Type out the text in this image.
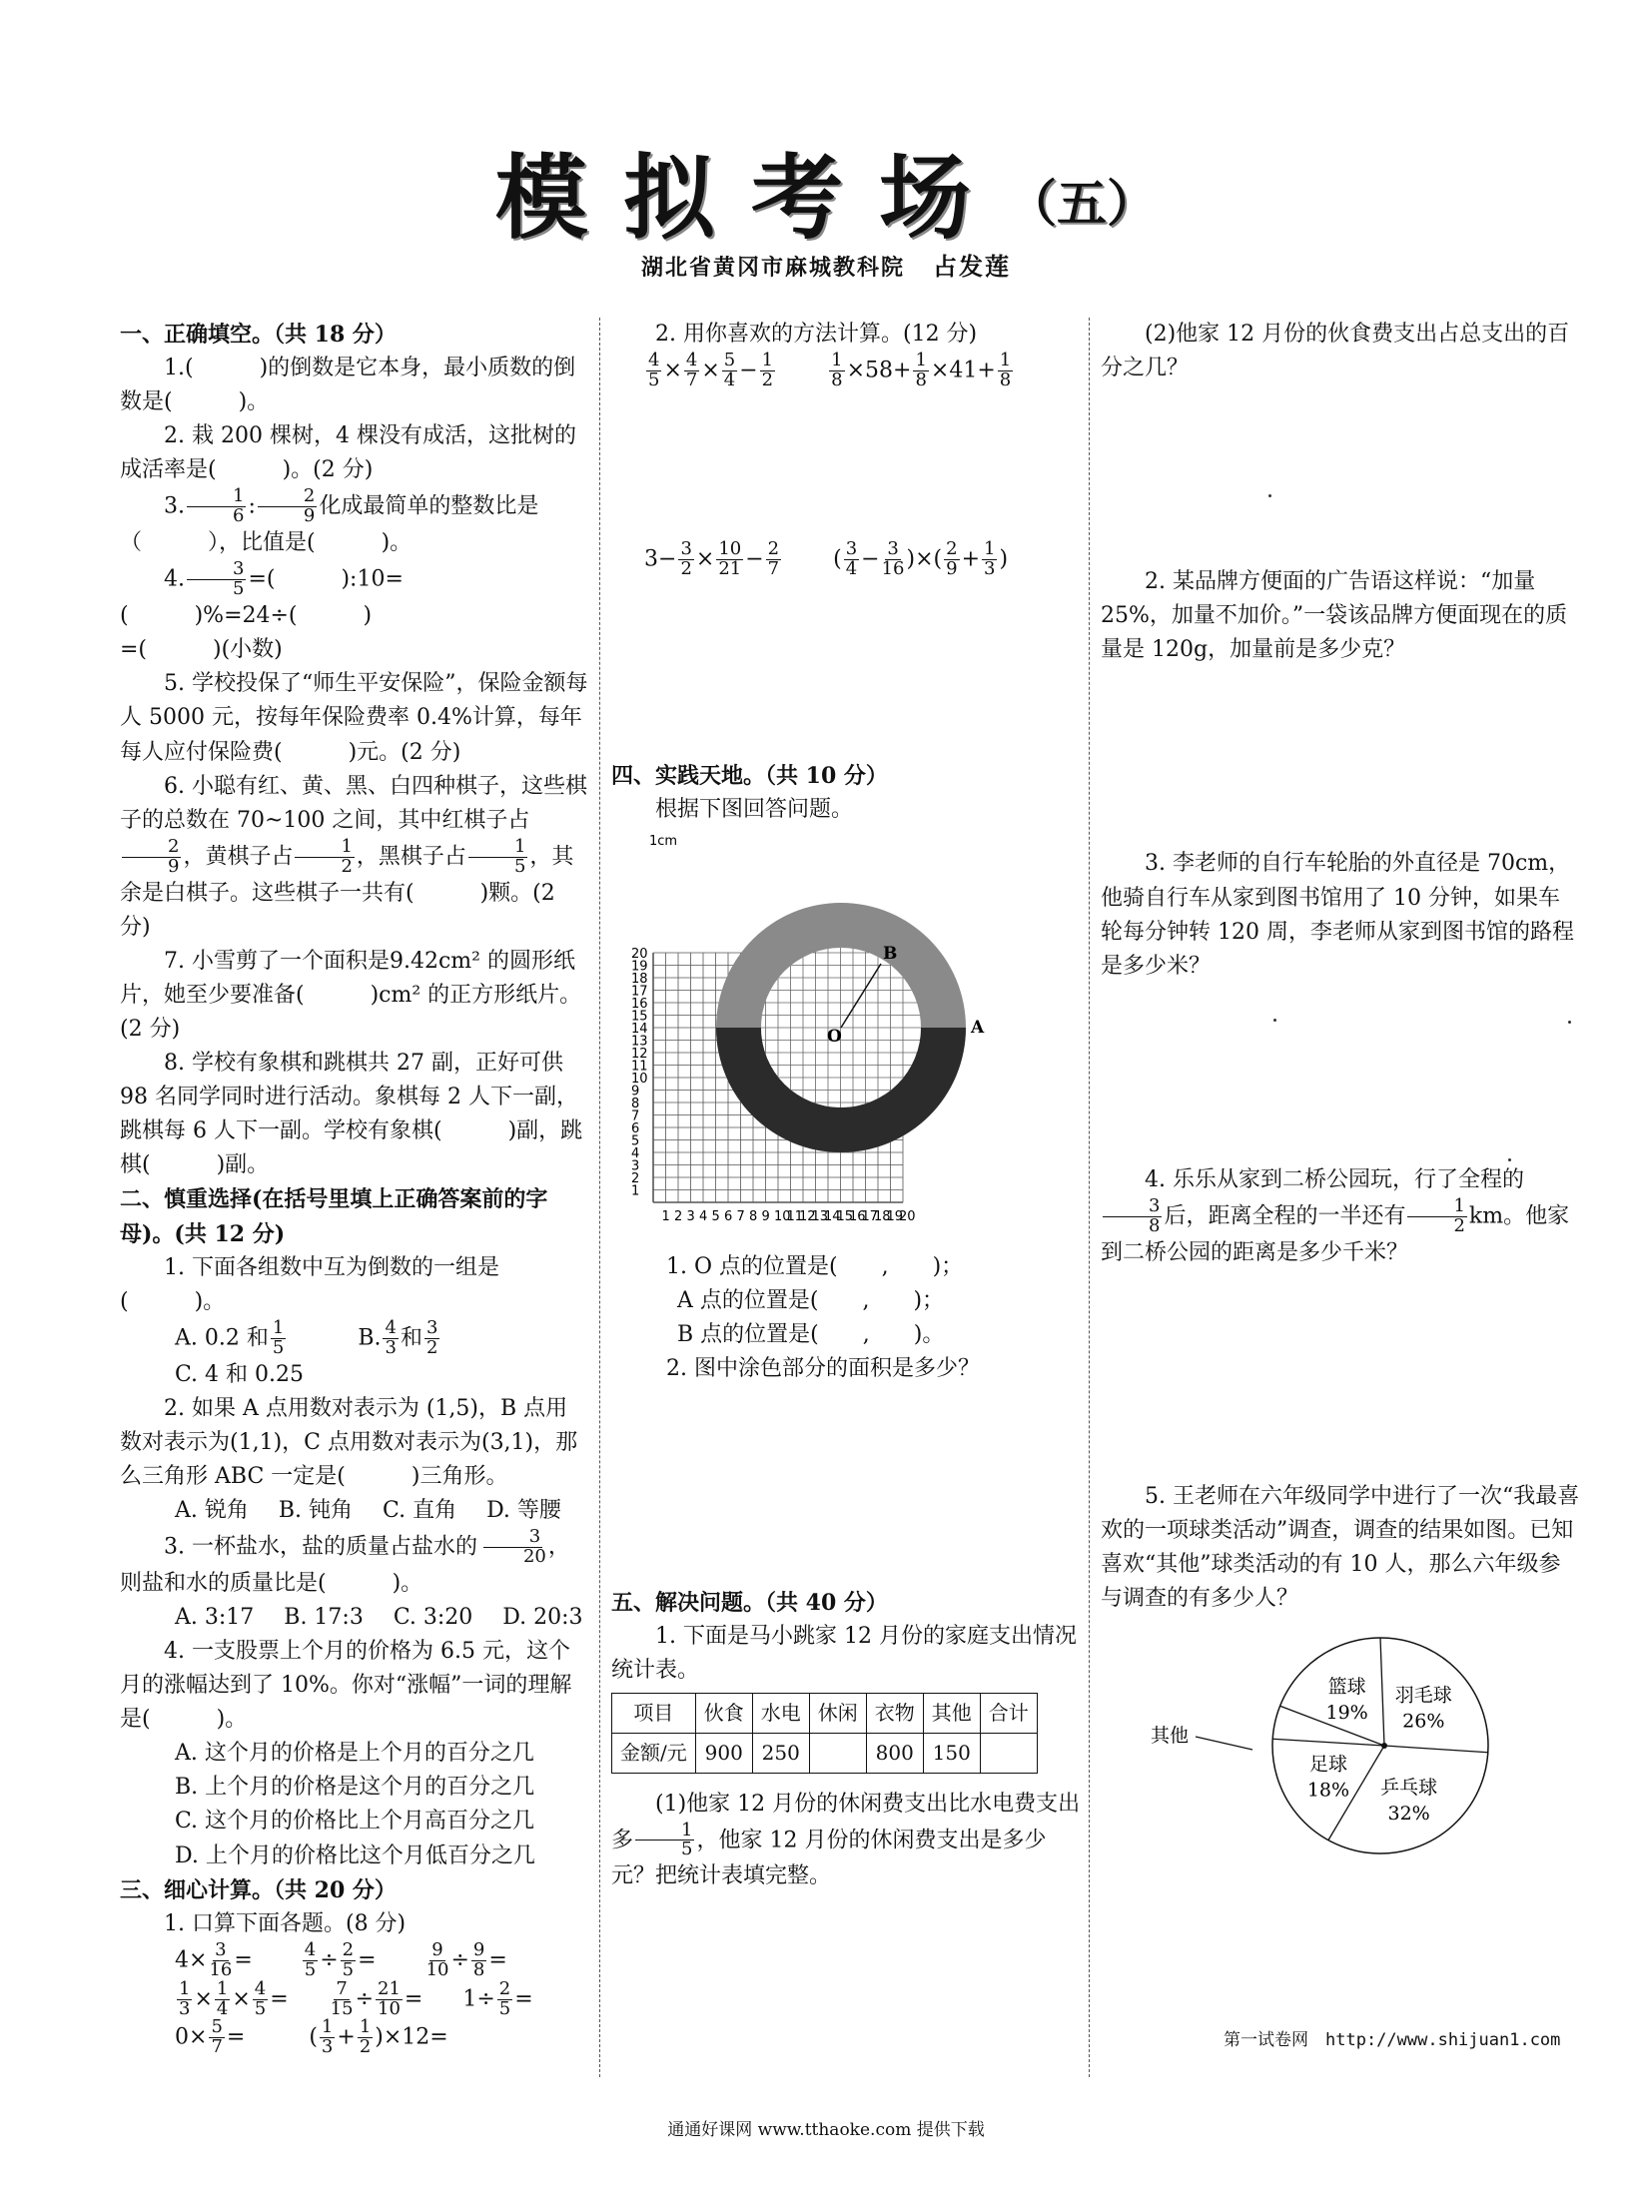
模拟考场（五）
湖北省黄冈市麻城教科院 占发莲
一、正确填空。（共 18 分）
1.(　　　)的倒数是它本身，最小质数的倒数是(　　　)。
2. 栽 200 棵树，4 棵没有成活，这批树的成活率是(　　　)。(2 分)
3. $\frac{1}{6}$ : $\frac{2}{9}$ 化成最简单的整数比是（　　　），比值是(　　　)。
4. $\frac{3}{5}$ =(　　　):10=(　　　)%=24÷(　　　)
=(　　　)(小数)
5. 学校投保了“师生平安保险”，保险金额每人 5000 元，按每年保险费率 0.4%计算，每年每人应付保险费(　　　)元。(2 分)
6. 小聪有红、黄、黑、白四种棋子，这些棋子的总数在 70~100 之间，其中红棋子占
$\frac{2}{9}$ ，黄棋子占 $\frac{1}{2}$ ，黑棋子占 $\frac{1}{5}$ ，其余是白棋子。这些棋子一共有(　　　)颗。(2 分)
7. 小雪剪了一个面积是9.42cm² 的圆形纸片，她至少要准备(　　　)cm² 的正方形纸片。(2 分)
8. 学校有象棋和跳棋共 27 副，正好可供 98 名同学同时进行活动。象棋每 2 人下一副，跳棋每 6 人下一副。学校有象棋(　　　)副，跳棋(　　　)副。
二、慎重选择(在括号里填上正确答案前的字母)。(共 12 分)
1. 下面各组数中互为倒数的一组是(　　　)。
A. 0.2 和 $\frac{1}{5}$	B. $\frac{4}{3}$ 和 $\frac{3}{2}$
C. 4 和 0.25
2. 如果 A 点用数对表示为 (1,5)，B 点用数对表示为(1,1)，C 点用数对表示为(3,1)，那么三角形 ABC 一定是(　　　)三角形。
A. 锐角 B. 钝角 C. 直角 D. 等腰
3. 一杯盐水，盐的质量占盐水的 $\frac{3}{20}$ ，则盐和水的质量比是(　　　)。
A. 3:17 B. 17:3 C. 3:20 D. 20:3
4. 一支股票上个月的价格为 6.5 元，这个月的涨幅达到了 10%。你对“涨幅”一词的理解是(　　　)。
A. 这个月的价格是上个月的百分之几
B. 上个月的价格是这个月的百分之几
C. 这个月的价格比上个月高百分之几
D. 上个月的价格比这个月低百分之几
三、细心计算。（共 20 分）
1. 口算下面各题。(8 分)
$4\times \frac{3}{16}$ =	$\frac{4}{5} \div \frac{2}{5}$ =	$\frac{9}{10} \div \frac{9}{8}$ =
$\frac{1}{3} \times \frac{1}{4} \times \frac{4}{5} = \frac{7}{15} \div \frac{21}{10} = 1\div \frac{2}{5}$ =
$0\times \frac{5}{7}$ =	( $\frac{1}{3} + \frac{1}{2} )\times 12=$
2. 用你喜欢的方法计算。(12 分)
$\frac{4}{5} \times \frac{4}{7} \times \frac{5}{4} - \frac{1}{2}$	$\frac{1}{8} \times 58+ \frac{1}{8} \times 41+ \frac{1}{8}$
$3- \frac{3}{2} \times \frac{10}{21} - \frac{2}{7}$ ( $\frac{3}{4} - \frac{3}{16}$ )×( $\frac{2}{9} + \frac{1}{3}$ )
四、实践天地。（共 10 分）
根据下图回答问题。
1cm
O
B
A
1
1
2
2
3
3
4
4
5
5
6
6
7
7
8
8
9
9
10
10
11
11
12
12
13
13
14
14
15
15
16
16
17
17
18
18
19
19
20
20
1. O 点的位置是(　　,　　)；
A 点的位置是(　　,　　)；
B 点的位置是(　　,　　)。
2. 图中涂色部分的面积是多少？
五、解决问题。（共 40 分）
1. 下面是马小跳家 12 月份的家庭支出情况统计表。
项目	伙食	水电	休闲	衣物	其他	合计
金额/元	900	250		800	150	
(1)他家 12 月份的休闲费支出比水电费支出多 $\frac{1}{5}$ ，他家 12 月份的休闲费支出是多少元？把统计表填完整。
(2)他家 12 月份的伙食费支出占总支出的百分之几？
2. 某品牌方便面的广告语这样说：“加量 25%，加量不加价。”一袋该品牌方便面现在的质量是 120g，加量前是多少克？
3. 李老师的自行车轮胎的外直径是 70cm，他骑自行车从家到图书馆用了 10 分钟，如果车轮每分钟转 120 周，李老师从家到图书馆的路程是多少米？
4. 乐乐从家到二桥公园玩，行了全程的
$\frac{3}{8}$ 后，距离全程的一半还有 $\frac{1}{2}$ km。他家到二桥公园的距离是多少千米？
5. 王老师在六年级同学中进行了一次“我最喜欢的一项球类活动”调查，调查的结果如图。已知喜欢“其他”球类活动的有 10 人，那么六年级参与调查的有多少人？
羽毛球
26%
乒乓球
32%
足球
18%
篮球
19%
其他
第一试卷网　http://www.shijuan1.com
通通好课网 www.tthaoke.com 提供下载
